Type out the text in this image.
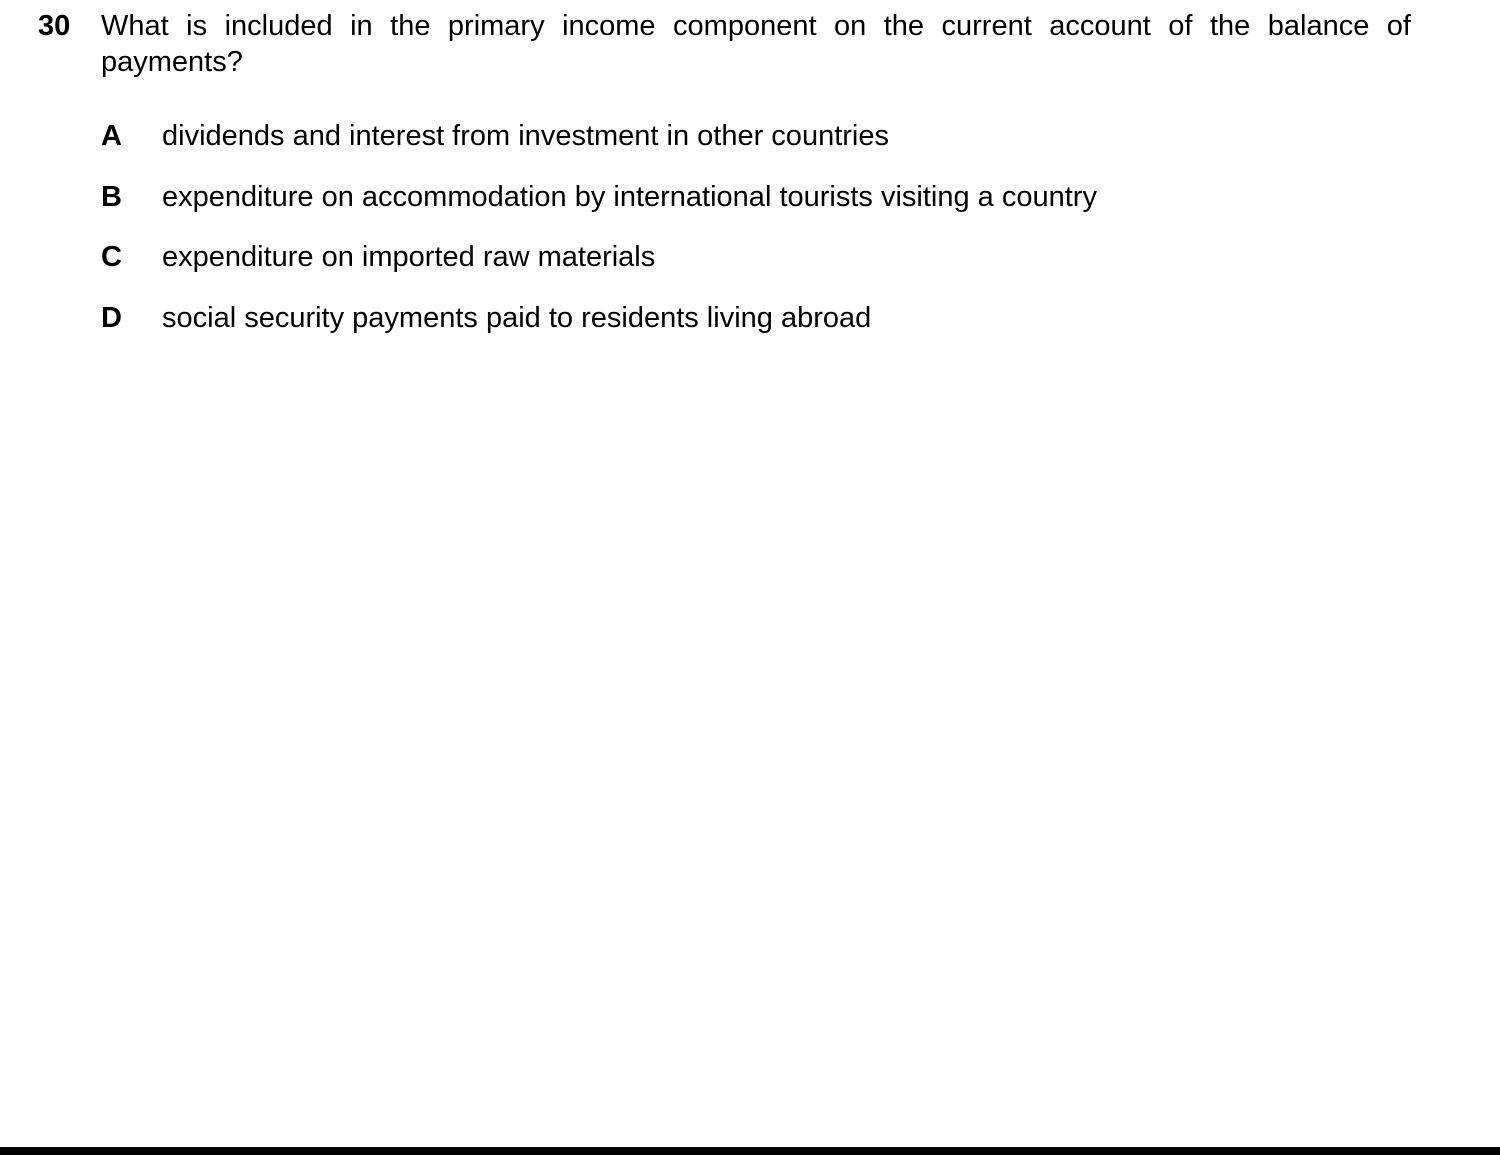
30 What is included in the primary income component on the current account of the balance of payments?
A	dividends and interest from investment in other countries
B	expenditure on accommodation by international tourists visiting a country
C	expenditure on imported raw materials
D	social security payments paid to residents living abroad
